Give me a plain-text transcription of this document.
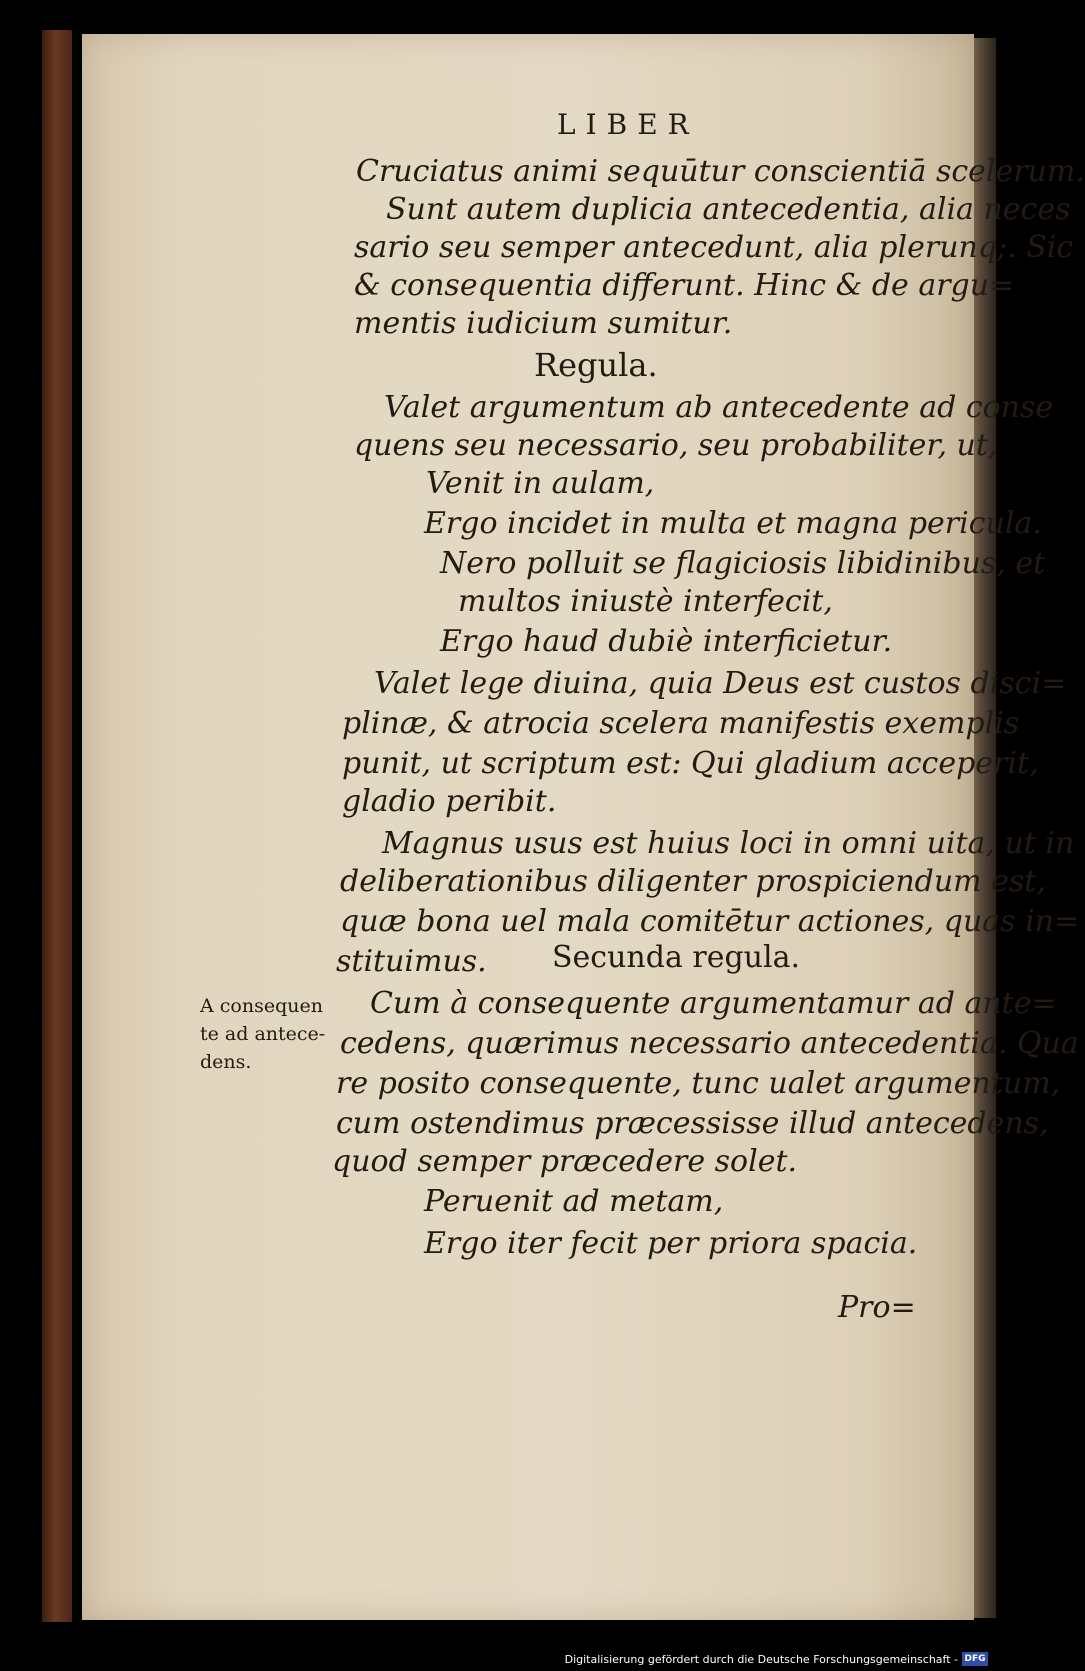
LIBER
Cruciatus animi sequūtur conscientiā scelerum.
Sunt autem duplicia antecedentia, alia neces
sario seu semper antecedunt, alia plerunq;. Sic
& consequentia differunt. Hinc & de argu=
mentis iudicium sumitur.
Regula.
Valet argumentum ab antecedente ad conse
quens seu necessario, seu probabiliter, ut,
Venit in aulam,
Ergo incidet in multa et magna pericula.
Nero polluit se flagiciosis libidinibus, et
multos iniustè interfecit,
Ergo haud dubiè interficietur.
Valet lege diuina, quia Deus est custos disci=
plinæ, & atrocia scelera manifestis exemplis
punit, ut scriptum est: Qui gladium acceperit,
gladio peribit.
Magnus usus est huius loci in omni uita, ut in
deliberationibus diligenter prospiciendum est,
quæ bona uel mala comitētur actiones, quas in=
stituimus. Secunda regula.
Cum à consequente argumentamur ad ante=
cedens, quærimus necessario antecedentia. Qua
re posito consequente, tunc ualet argumentum,
cum ostendimus præcessisse illud antecedens,
quod semper præcedere solet.
Peruenit ad metam,
Ergo iter fecit per priora spacia.
Pro=
A consequen
te ad antece-
dens.
Digitalisierung gefördert durch die Deutsche Forschungsgemeinschaft - DFG
